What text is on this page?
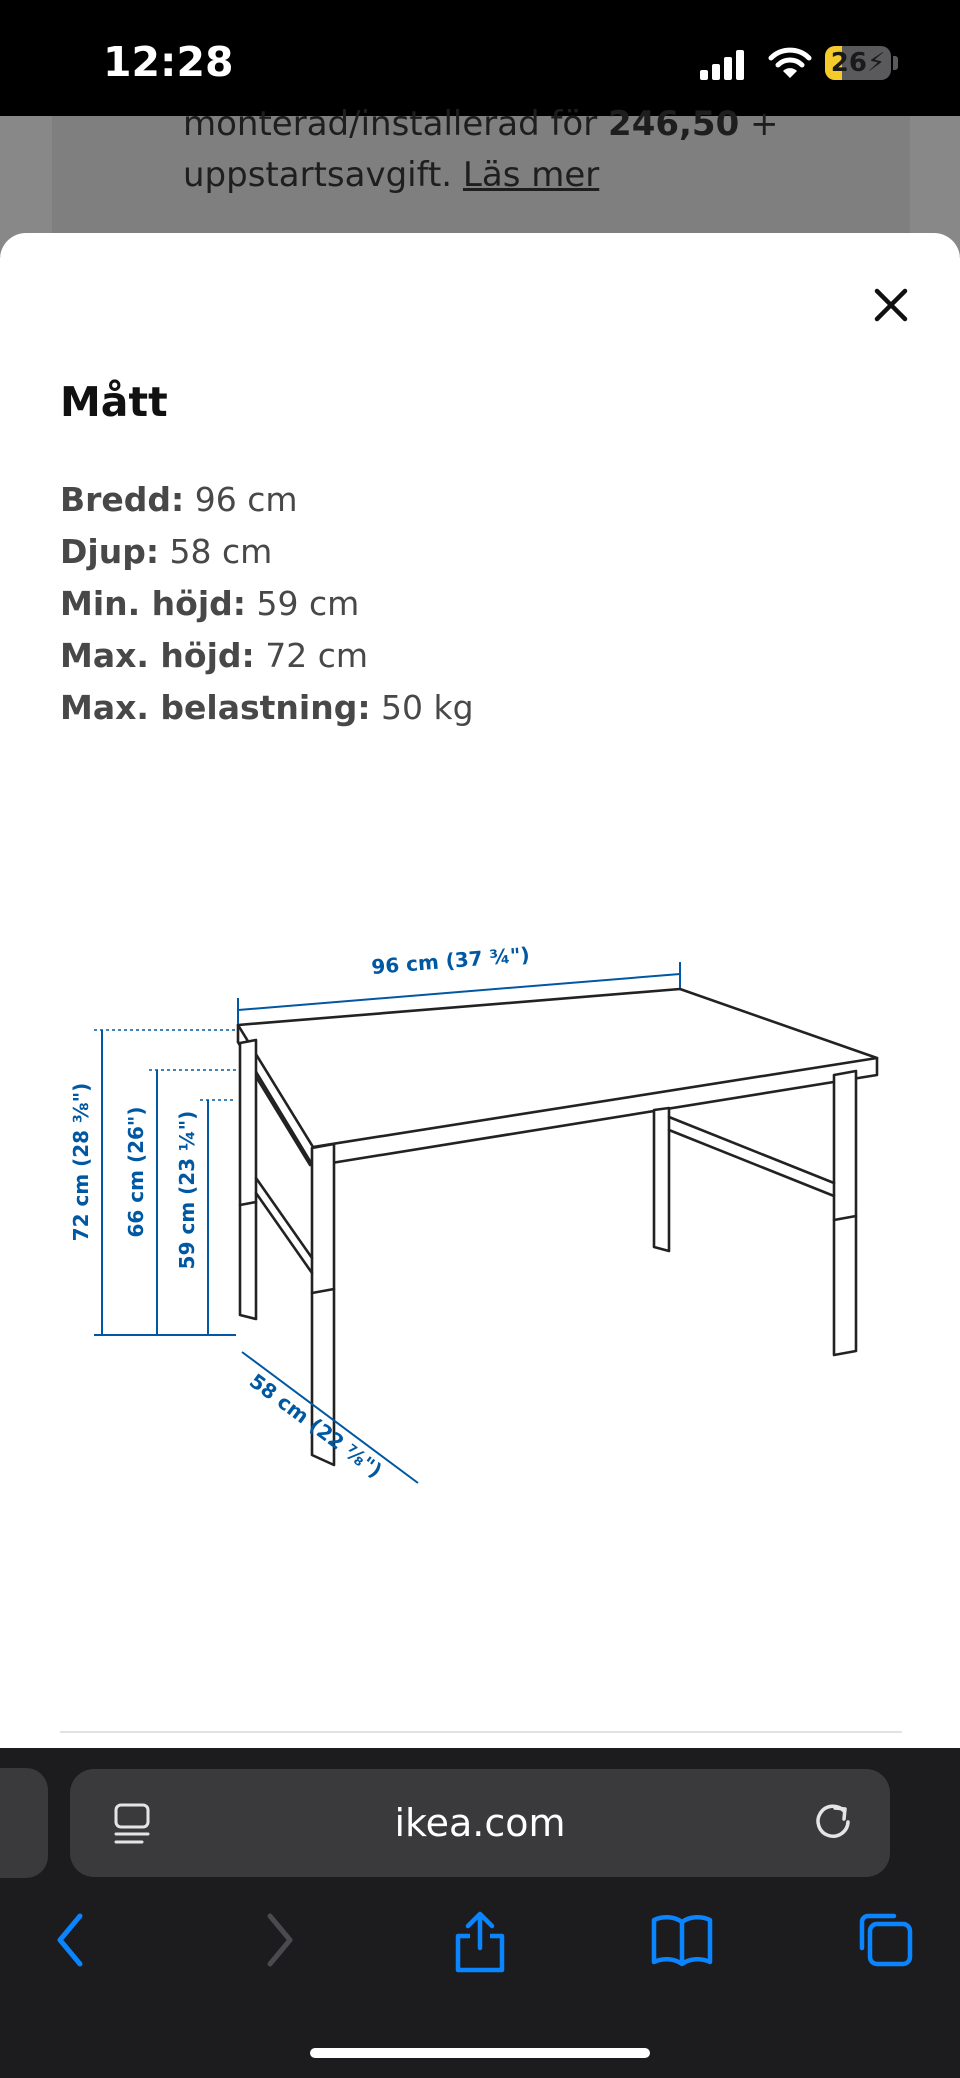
12:28	26⚡
monterad/installerad för 246,50 +
uppstartsavgift. Läs mer
Mått
Bredd: 96 cm
Djup: 58 cm
Min. höjd: 59 cm
Max. höjd: 72 cm
Max. belastning: 50 kg
96 cm (37 ¾")
72 cm (28 ⅜") 66 cm (26") 59 cm (23 ¼")
58 cm (22 ⅞")
ikea.com
